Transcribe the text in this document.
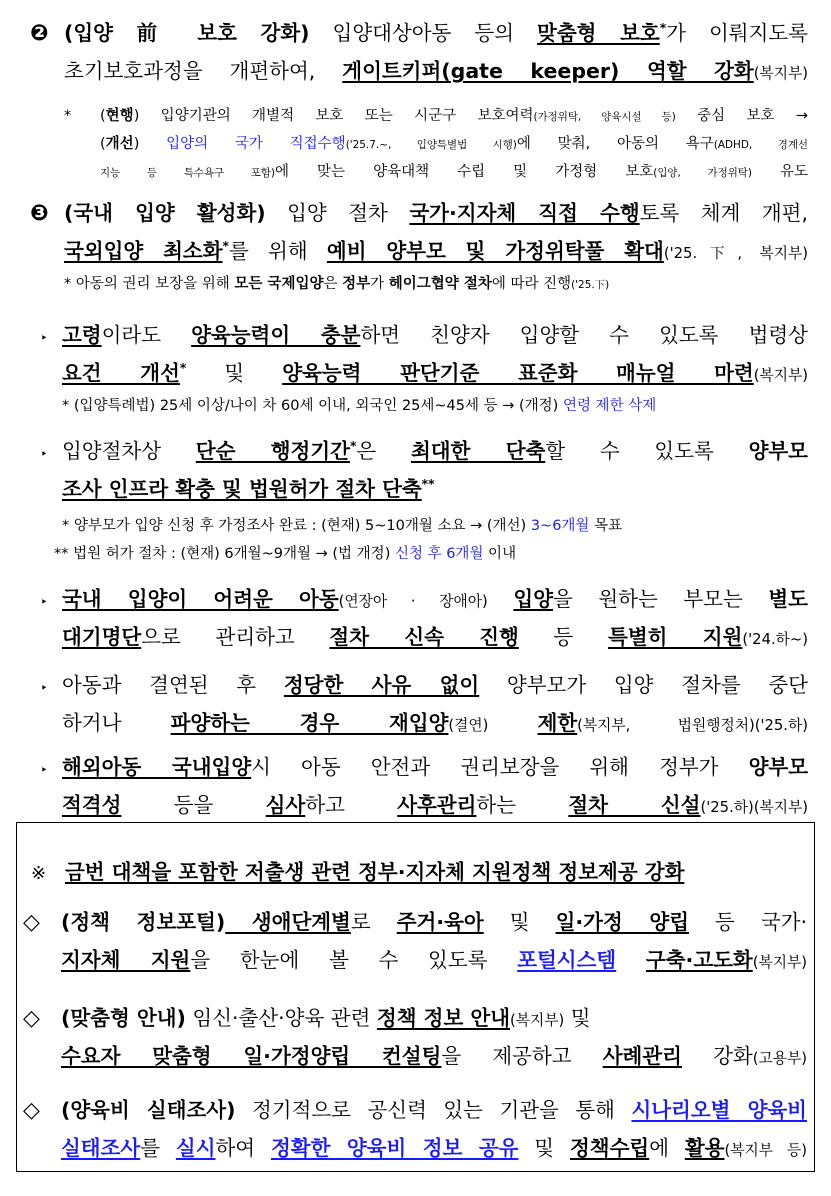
❷ (입양 前 보호 강화) 입양대상아동 등의 맞춤형 보호*가 이뤄지도록
초기보호과정을 개편하여, 게이트키퍼(gate keeper) 역할 강화(복지부)
*	(현행) 입양기관의 개별적 보호 또는 시군구 보호여력(가정위탁, 양육시설 등) 중심 보호 →
(개선) 입양의 국가 직접수행('25.7.~, 입양특별법 시행)에 맞춰, 아동의 욕구(ADHD, 경계선
지능 등 특수욕구 포함)에 맞는 양육대책 수립 및 가정형 보호(입양, 가정위탁) 유도
❸ (국내 입양 활성화) 입양 절차 국가·지자체 직접 수행토록 체계 개편,
국외입양 최소화*를 위해 예비 양부모 및 가정위탁풀 확대('25.下, 복지부)
* 아동의 권리 보장을 위해 모든 국제입양은 정부가 헤이그협약 절차에 따라 진행('25.下)
‣ 고령이라도 양육능력이 충분하면 친양자 입양할 수 있도록 법령상
요건 개선* 및 양육능력 판단기준 표준화 매뉴얼 마련(복지부)
* (입양특례법) 25세 이상/나이 차 60세 이내, 외국인 25세~45세 등 → (개정) 연령 제한 삭제
‣ 입양절차상 단순 행정기간*은 최대한 단축할 수 있도록 양부모
조사 인프라 확충 및 법원허가 절차 단축**
* 양부모가 입양 신청 후 가정조사 완료 : (현재) 5~10개월 소요 → (개선) 3~6개월 목표
** 법원 허가 절차 : (현재) 6개월~9개월 → (법 개정) 신청 후 6개월 이내
‣ 국내 입양이 어려운 아동(연장아 · 장애아) 입양을 원하는 부모는 별도
대기명단으로 관리하고 절차 신속 진행 등 특별히 지원('24.하~)
‣ 아동과 결연된 후 정당한 사유 없이 양부모가 입양 절차를 중단
하거나 파양하는 경우 재입양(결연) 제한(복지부, 법원행정처)('25.하)
‣ 해외아동 국내입양시 아동 안전과 권리보장을 위해 정부가 양부모
적격성 등을 심사하고 사후관리하는 절차 신설('25.하)(복지부)
※ 금번 대책을 포함한 저출생 관련 정부·지자체 지원정책 정보제공 강화
◇	(정책 정보포털) 생애단계별로 주거·육아 및 일·가정 양립 등 국가·
지자체 지원을 한눈에 볼 수 있도록 포털시스템 구축·고도화(복지부)
◇	(맞춤형 안내) 임신·출산·양육 관련 정책 정보 안내(복지부) 및
수요자 맞춤형 일·가정양립 컨설팅을 제공하고 사례관리 강화(고용부)
◇	(양육비 실태조사) 정기적으로 공신력 있는 기관을 통해 시나리오별 양육비
실태조사를 실시하여 정확한 양육비 정보 공유 및 정책수립에 활용(복지부 등)
